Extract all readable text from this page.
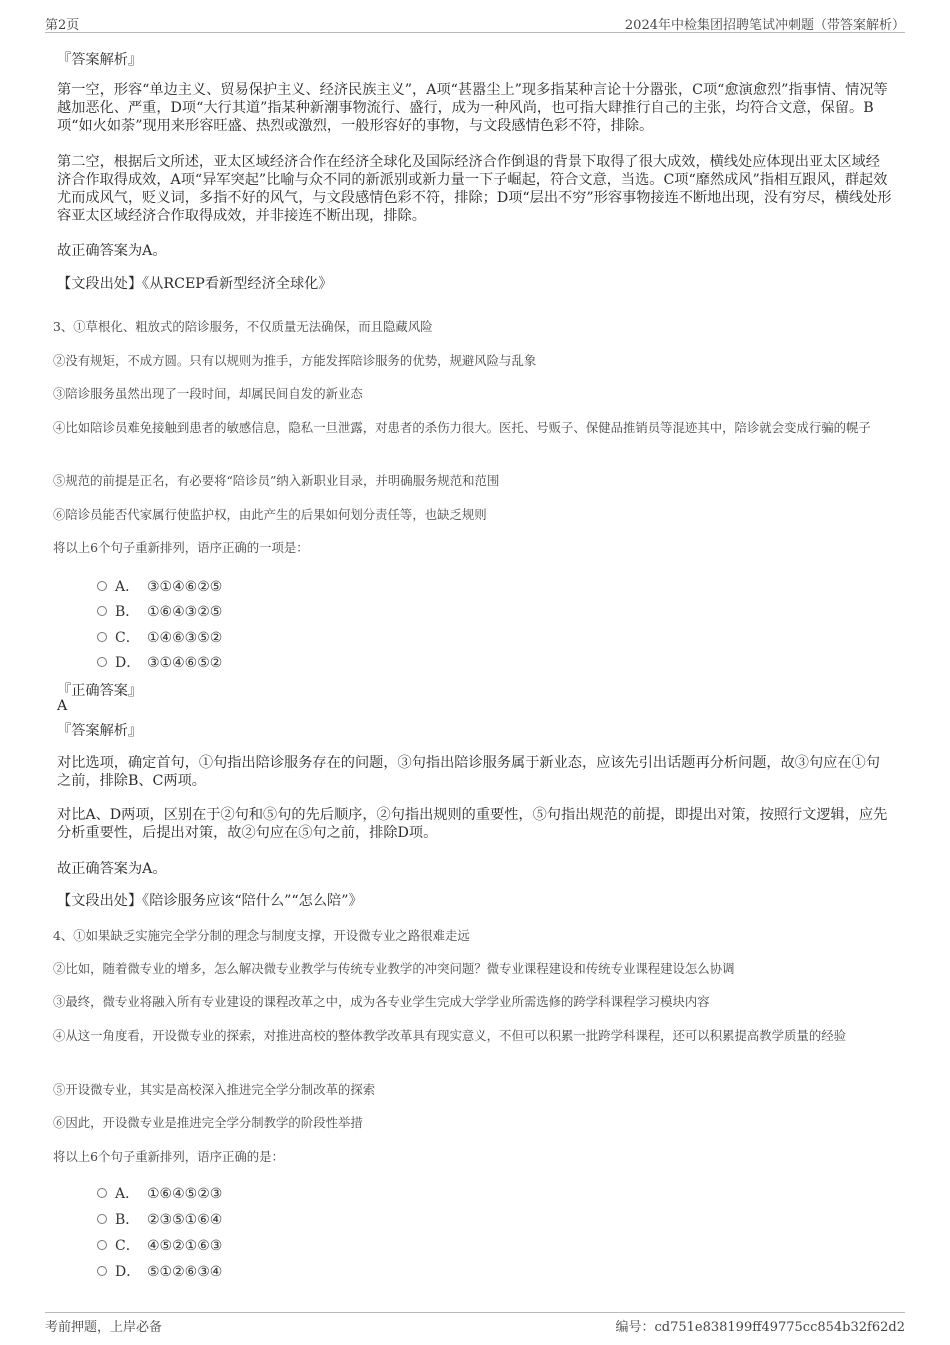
第2页	2024年中检集团招聘笔试冲刺题（带答案解析）
『答案解析』
第一空，形容“单边主义、贸易保护主义、经济民族主义”，A项“甚嚣尘上”现多指某种言论十分嚣张，C项“愈演愈烈”指事情、情况等越加恶化、严重，D项“大行其道”指某种新潮事物流行、盛行，成为一种风尚，也可指大肆推行自己的主张，均符合文意，保留。B项“如火如荼”现用来形容旺盛、热烈或激烈，一般形容好的事物，与文段感情色彩不符，排除。
第二空，根据后文所述，亚太区域经济合作在经济全球化及国际经济合作倒退的背景下取得了很大成效，横线处应体现出亚太区域经济合作取得成效，A项“异军突起”比喻与众不同的新派别或新力量一下子崛起，符合文意，当选。C项“靡然成风”指相互跟风，群起效尤而成风气，贬义词，多指不好的风气，与文段感情色彩不符，排除；D项“层出不穷”形容事物接连不断地出现，没有穷尽，横线处形容亚太区域经济合作取得成效，并非接连不断出现，排除。
故正确答案为A。
【文段出处】《从RCEP看新型经济全球化》
3、①草根化、粗放式的陪诊服务，不仅质量无法确保，而且隐藏风险
②没有规矩，不成方圆。只有以规则为推手，方能发挥陪诊服务的优势，规避风险与乱象
③陪诊服务虽然出现了一段时间，却属民间自发的新业态
④比如陪诊员难免接触到患者的敏感信息，隐私一旦泄露，对患者的杀伤力很大。医托、号贩子、保健品推销员等混迹其中，陪诊就会变成行骗的幌子
⑤规范的前提是正名，有必要将“陪诊员”纳入新职业目录，并明确服务规范和范围
⑥陪诊员能否代家属行使监护权，由此产生的后果如何划分责任等，也缺乏规则
将以上6个句子重新排列，语序正确的一项是：
A． ③①④⑥②⑤
B． ①⑥④③②⑤
C． ①④⑥③⑤②
D． ③①④⑥⑤②
『正确答案』
A
『答案解析』
对比选项，确定首句，①句指出陪诊服务存在的问题，③句指出陪诊服务属于新业态，应该先引出话题再分析问题，故③句应在①句之前，排除B、C两项。
对比A、D两项，区别在于②句和⑤句的先后顺序，②句指出规则的重要性，⑤句指出规范的前提，即提出对策，按照行文逻辑，应先分析重要性，后提出对策，故②句应在⑤句之前，排除D项。
故正确答案为A。
【文段出处】《陪诊服务应该“陪什么”“怎么陪”》
4、①如果缺乏实施完全学分制的理念与制度支撑，开设微专业之路很难走远
②比如，随着微专业的增多，怎么解决微专业教学与传统专业教学的冲突问题？微专业课程建设和传统专业课程建设怎么协调
③最终，微专业将融入所有专业建设的课程改革之中，成为各专业学生完成大学学业所需选修的跨学科课程学习模块内容
④从这一角度看，开设微专业的探索，对推进高校的整体教学改革具有现实意义，不但可以积累一批跨学科课程，还可以积累提高教学质量的经验
⑤开设微专业，其实是高校深入推进完全学分制改革的探索
⑥因此，开设微专业是推进完全学分制教学的阶段性举措
将以上6个句子重新排列，语序正确的是：
A． ①⑥④⑤②③
B． ②③⑤①⑥④
C． ④⑤②①⑥③
D． ⑤①②⑥③④
考前押题，上岸必备	编号：cd751e838199ff49775cc854b32f62d2
